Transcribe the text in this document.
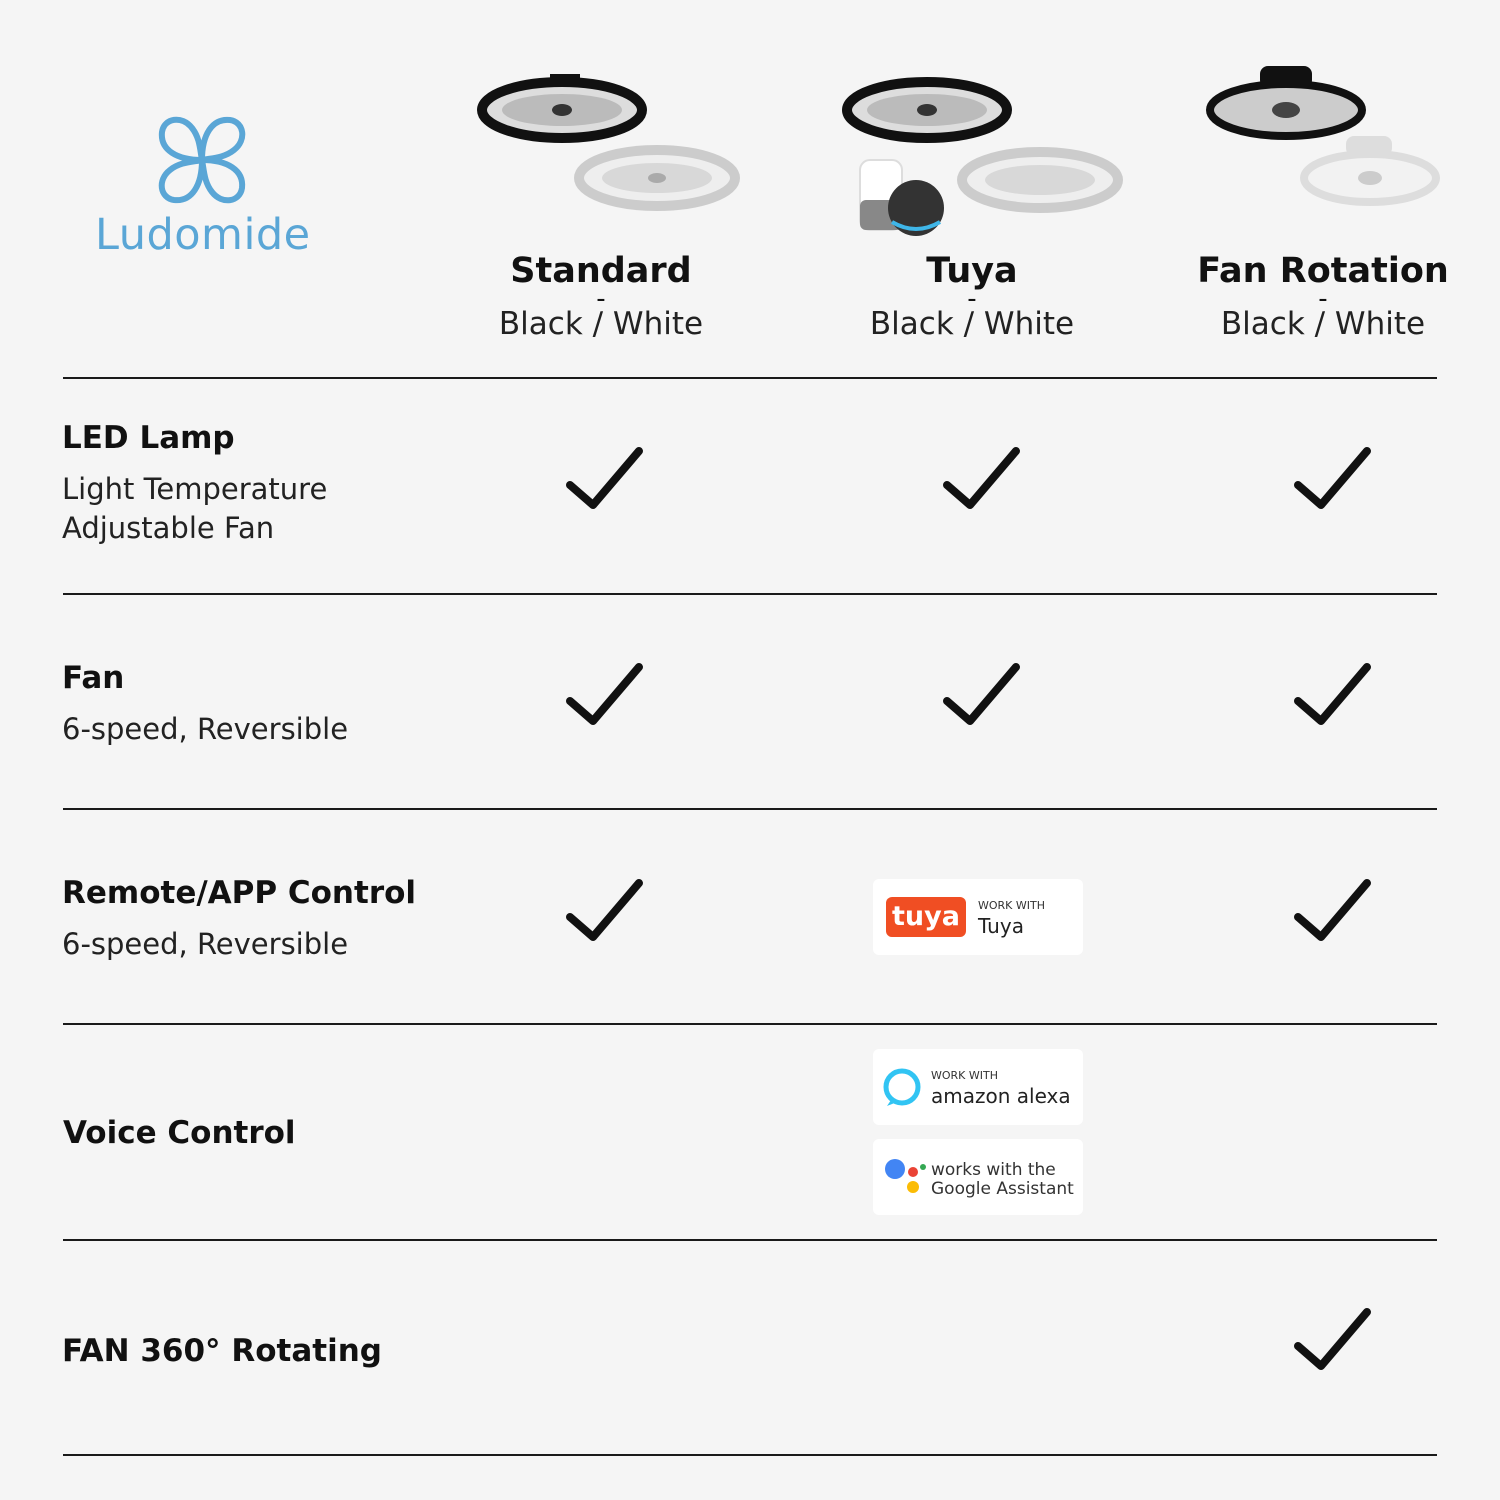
Ludomide
Standard
-
Black / White
Tuya
-
Black / White
Fan Rotation
-
Black / White
LED Lamp
Light Temperature
Adjustable Fan
Fan
6-speed, Reversible
Remote/APP Control
6-speed, Reversible
Voice Control
FAN 360° Rotating
tuya	WORK WITH
Tuya
WORK WITH
amazon alexa
works with the
Google Assistant
